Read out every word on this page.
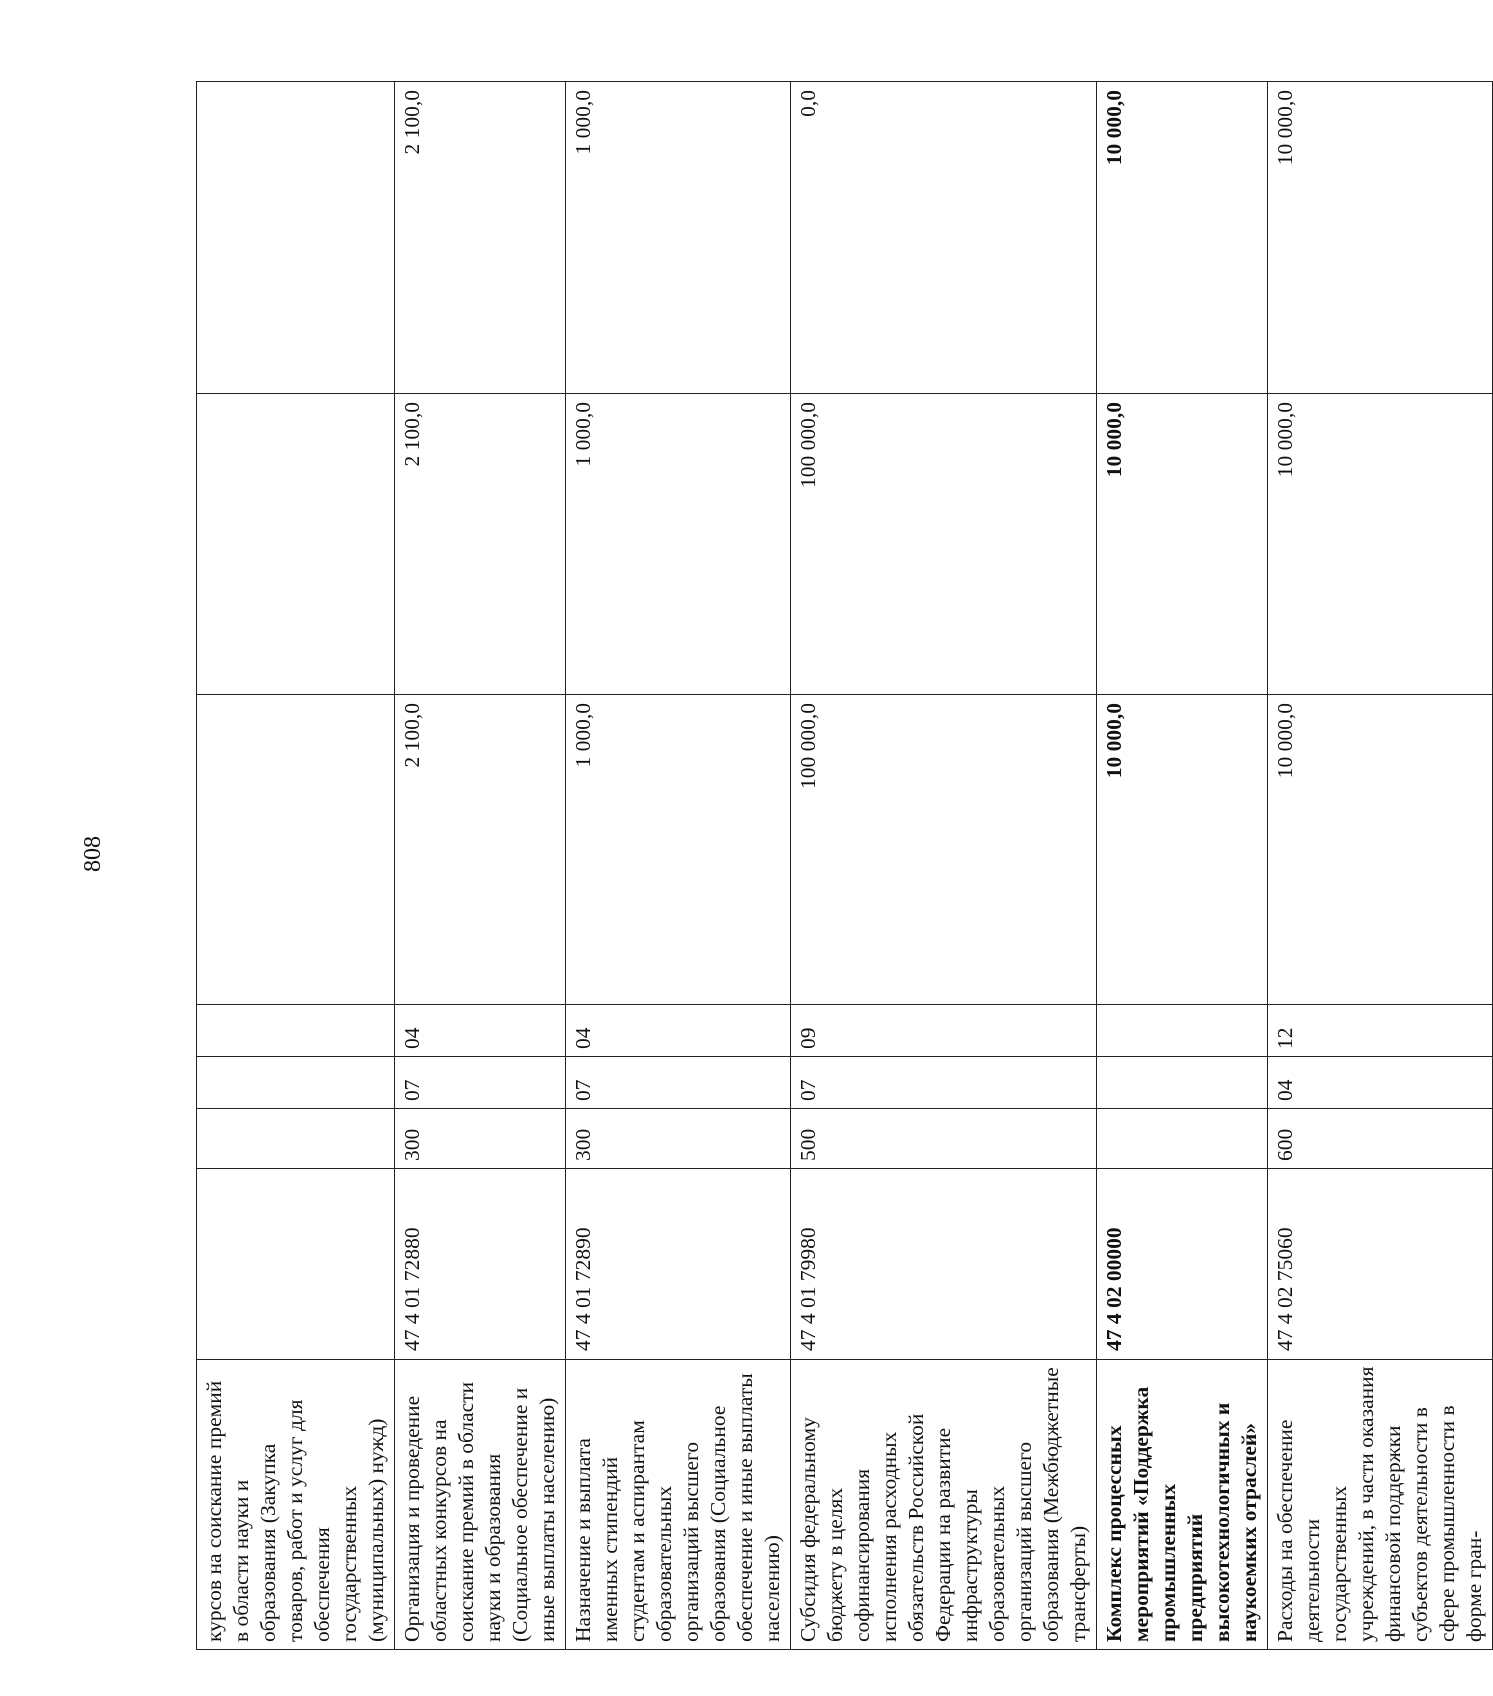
808
курсов на соискание премий в области науки и образования (Закупка товаров, работ и услуг для обеспечения государственных (муниципальных) нужд)							
Организация и проведение областных конкурсов на соискание премий в области науки и образования (Социальное обеспечение и иные выплаты населению)	47 4 01 72880	300	07	04	2 100,0	2 100,0	2 100,0
Назначение и выплата именных стипендий студентам и аспирантам образовательных организаций высшего образования (Социальное обеспечение и иные выплаты населению)	47 4 01 72890	300	07	04	1 000,0	1 000,0	1 000,0
Субсидия федеральному бюджету в целях софинансирования исполнения расходных обязательств Российской Федерации на развитие инфраструктуры образовательных организаций высшего образования (Межбюджетные трансферты)	47 4 01 79980	500	07	09	100 000,0	100 000,0	0,0
Комплекс процессных мероприятий «Поддержка промышленных предприятий высокотехнологичных и наукоемких отраслей»	47 4 02 00000				10 000,0	10 000,0	10 000,0
Расходы на обеспечение деятельности государственных учреждений, в части оказания финансовой поддержки субъектов деятельности в сфере промышленности в форме гран-	47 4 02 75060	600	04	12	10 000,0	10 000,0	10 000,0
